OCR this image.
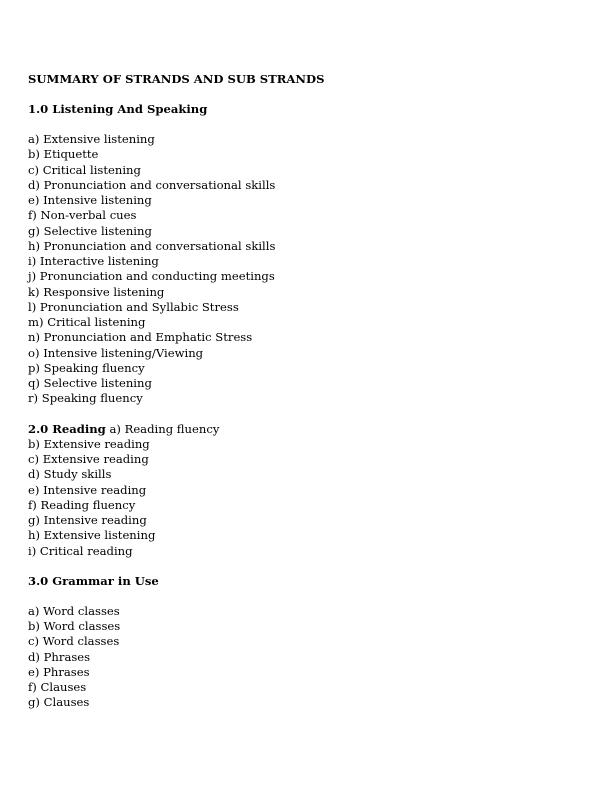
SUMMARY OF STRANDS AND SUB STRANDS

1.0 Listening And Speaking

a) Extensive listening
b) Etiquette
c) Critical listening
d) Pronunciation and conversational skills
e) Intensive listening
f) Non-verbal cues
g) Selective listening
h) Pronunciation and conversational skills
i) Interactive listening
j) Pronunciation and conducting meetings
k) Responsive listening
l) Pronunciation and Syllabic Stress
m) Critical listening
n) Pronunciation and Emphatic Stress
o) Intensive listening/Viewing
p) Speaking fluency
q) Selective listening
r) Speaking fluency

2.0 Reading a) Reading fluency

b) Extensive reading
c) Extensive reading
d) Study skills
e) Intensive reading
f) Reading fluency
g) Intensive reading
h) Extensive listening
i) Critical reading

3.0 Grammar in Use

a) Word classes
b) Word classes
c) Word classes
d) Phrases
e) Phrases
f) Clauses
g) Clauses
